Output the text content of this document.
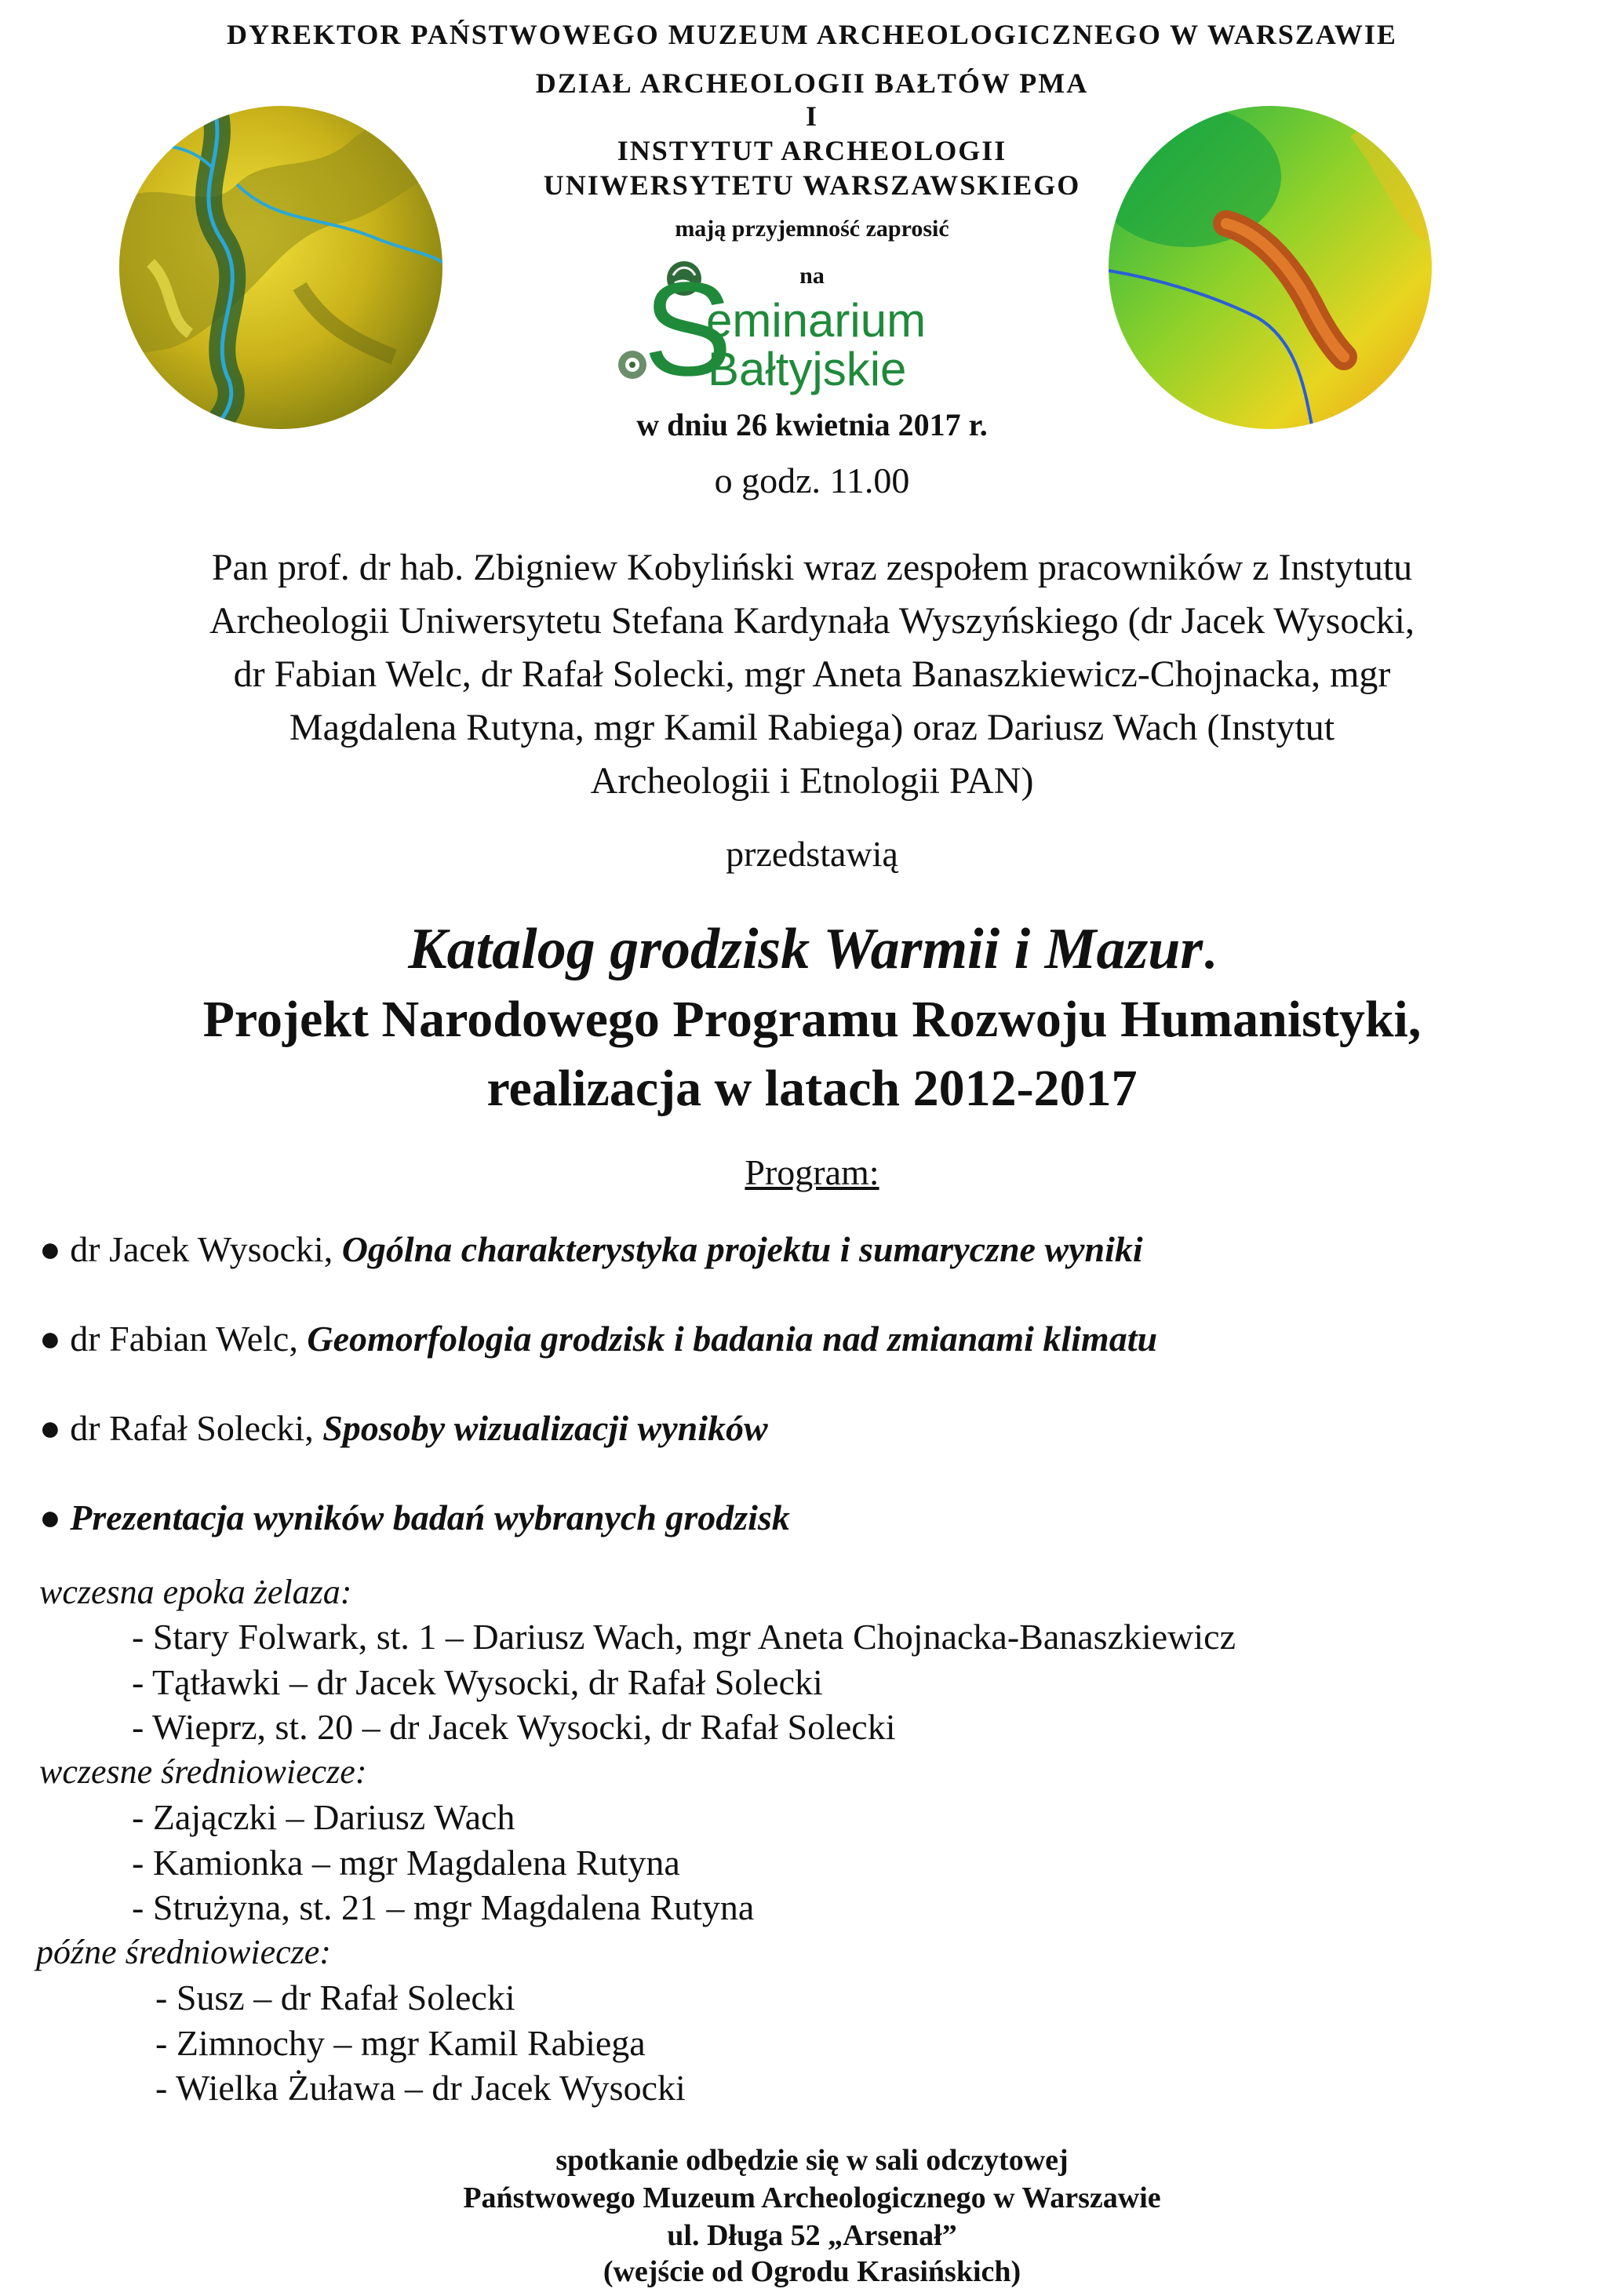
DYREKTOR PAŃSTWOWEGO MUZEUM ARCHEOLOGICZNEGO W WARSZAWIE
DZIAŁ ARCHEOLOGII BAŁTÓW PMA
I
INSTYTUT ARCHEOLOGII
UNIWERSYTETU WARSZAWSKIEGO
mają przyjemność zaprosić
na
S
eminarium
Bałtyjskie
w dniu 26 kwietnia 2017 r.
o godz. 11.00
Pan prof. dr hab. Zbigniew Kobyliński wraz zespołem pracowników z Instytutu
Archeologii Uniwersytetu Stefana Kardynała Wyszyńskiego (dr Jacek Wysocki,
dr Fabian Welc, dr Rafał Solecki, mgr Aneta Banaszkiewicz-Chojnacka, mgr
Magdalena Rutyna, mgr Kamil Rabiega) oraz Dariusz Wach (Instytut
Archeologii i Etnologii PAN)
przedstawią
Katalog grodzisk Warmii i Mazur.
Projekt Narodowego Programu Rozwoju Humanistyki,
realizacja w latach 2012-2017
Program:
● dr Jacek Wysocki, Ogólna charakterystyka projektu i sumaryczne wyniki
● dr Fabian Welc, Geomorfologia grodzisk i badania nad zmianami klimatu
● dr Rafał Solecki, Sposoby wizualizacji wyników
● Prezentacja wyników badań wybranych grodzisk
wczesna epoka żelaza:
- Stary Folwark, st. 1 – Dariusz Wach, mgr Aneta Chojnacka-Banaszkiewicz
- Tątławki – dr Jacek Wysocki, dr Rafał Solecki
- Wieprz, st. 20 – dr Jacek Wysocki, dr Rafał Solecki
wczesne średniowiecze:
- Zajączki – Dariusz Wach
- Kamionka – mgr Magdalena Rutyna
- Strużyna, st. 21 – mgr Magdalena Rutyna
późne średniowiecze:
- Susz – dr Rafał Solecki
- Zimnochy – mgr Kamil Rabiega
- Wielka Żuława – dr Jacek Wysocki
spotkanie odbędzie się w sali odczytowej
Państwowego Muzeum Archeologicznego w Warszawie
ul. Długa 52 „Arsenał”
(wejście od Ogrodu Krasińskich)
